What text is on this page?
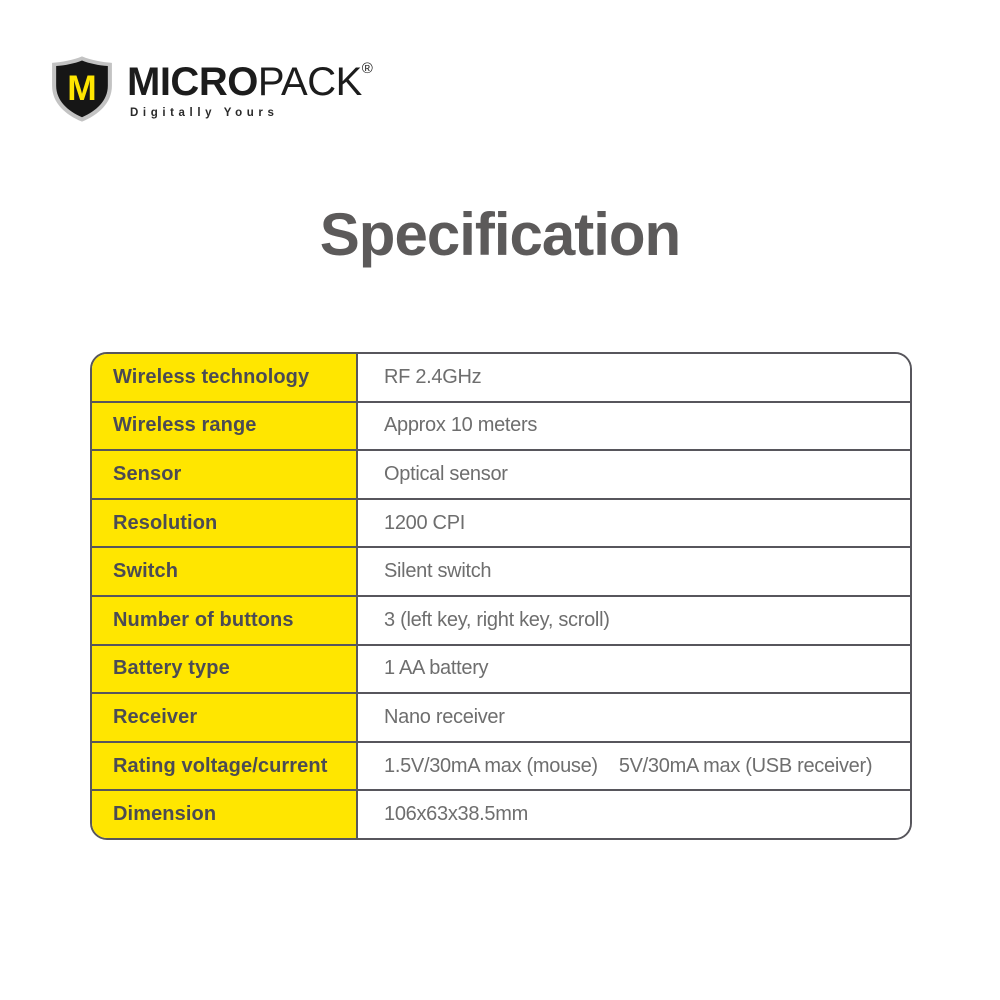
M MICROPACK®
Digitally Yours
Specification
Wireless technology	RF 2.4GHz
Wireless range	Approx 10 meters
Sensor	Optical sensor
Resolution	1200 CPI
Switch	Silent switch
Number of buttons	3 (left key, right key, scroll)
Battery type	1 AA battery
Receiver	Nano receiver
Rating voltage/current	1.5V/30mA max (mouse)    5V/30mA max (USB receiver)
Dimension	106x63x38.5mm
